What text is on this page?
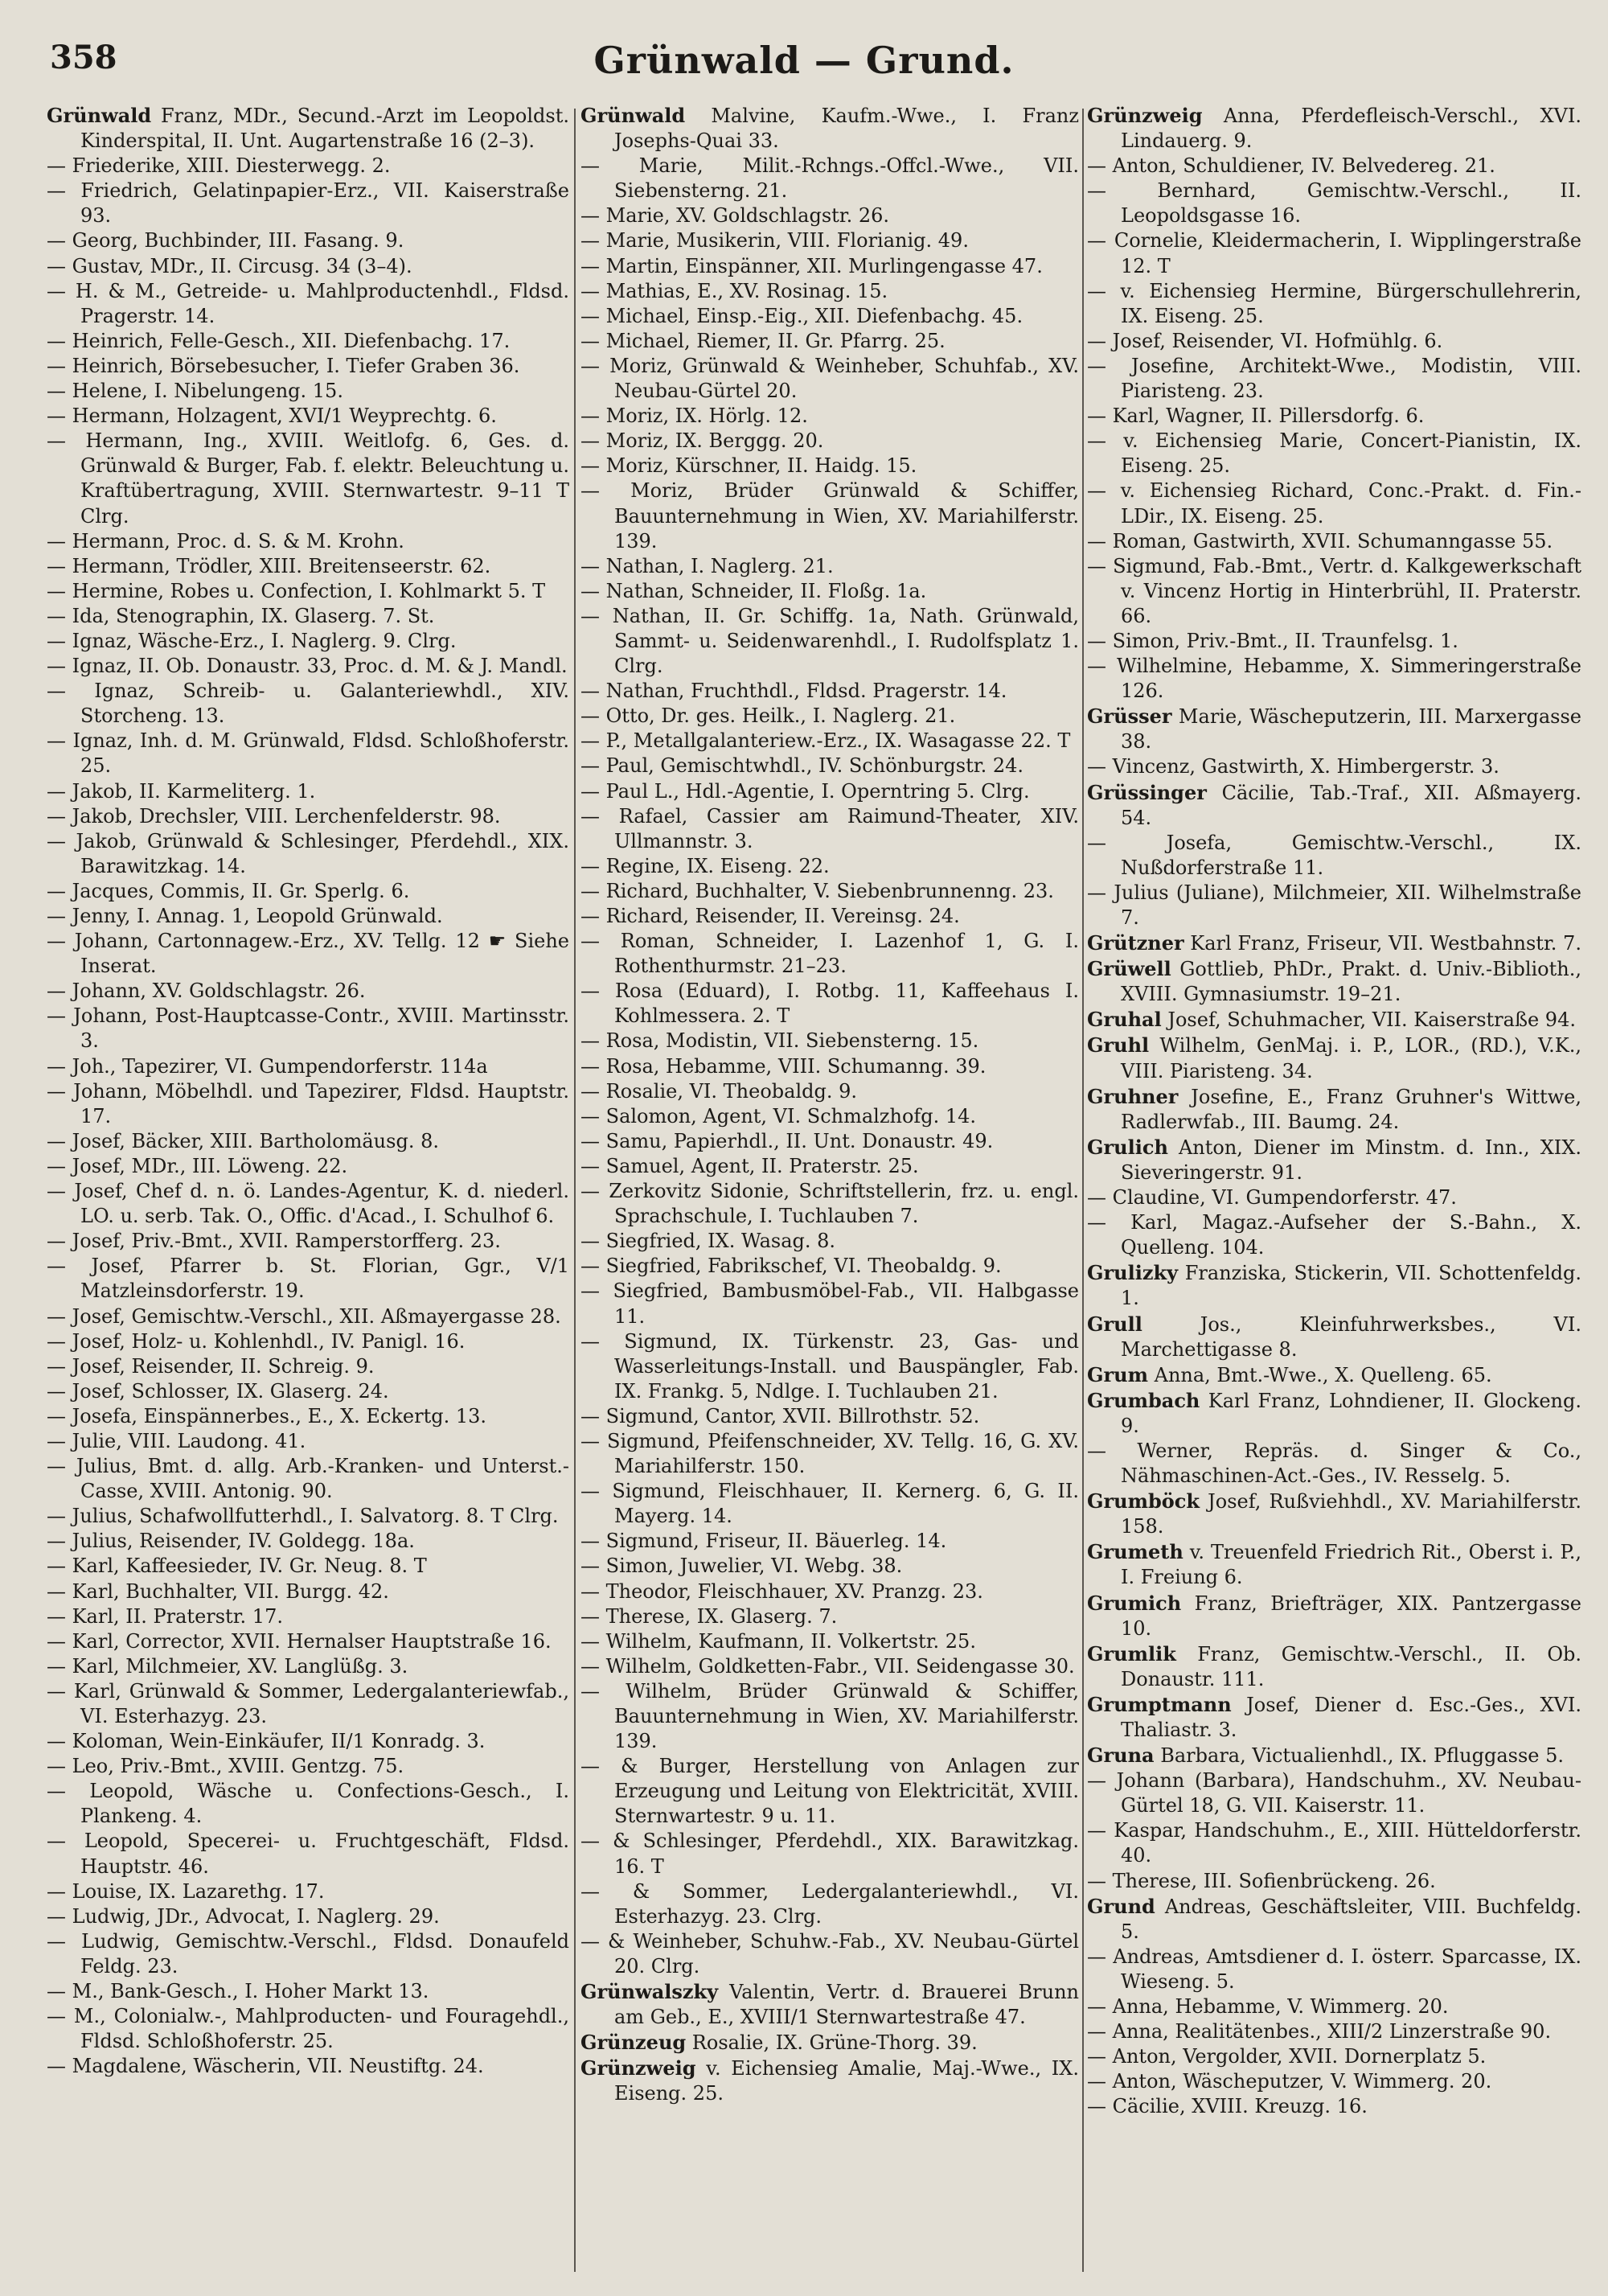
358	Grünwald — Grund.
Grünwald Franz, MDr., Secund.-Arzt im Leopoldst. Kinderspital, II. Unt. Augartenstraße 16 (2–3).
— Friederike, XIII. Diesterwegg. 2.
— Friedrich, Gelatinpapier-Erz., VII. Kaiserstraße 93.
— Georg, Buchbinder, III. Fasang. 9.
— Gustav, MDr., II. Circusg. 34 (3–4).
— H. & M., Getreide- u. Mahlproductenhdl., Fldsd. Pragerstr. 14.
— Heinrich, Felle-Gesch., XII. Diefenbachg. 17.
— Heinrich, Börsebesucher, I. Tiefer Graben 36.
— Helene, I. Nibelungeng. 15.
— Hermann, Holzagent, XVI/1 Weyprechtg. 6.
— Hermann, Ing., XVIII. Weitlofg. 6, Ges. d. Grünwald & Burger, Fab. f. elektr. Beleuchtung u. Kraftübertragung, XVIII. Sternwartestr. 9–11 T Clrg.
— Hermann, Proc. d. S. & M. Krohn.
— Hermann, Trödler, XIII. Breitenseerstr. 62.
— Hermine, Robes u. Confection, I. Kohlmarkt 5. T
— Ida, Stenographin, IX. Glaserg. 7. St.
— Ignaz, Wäsche-Erz., I. Naglerg. 9. Clrg.
— Ignaz, II. Ob. Donaustr. 33, Proc. d. M. & J. Mandl.
— Ignaz, Schreib- u. Galanteriewhdl., XIV. Storcheng. 13.
— Ignaz, Inh. d. M. Grünwald, Fldsd. Schloßhoferstr. 25.
— Jakob, II. Karmeliterg. 1.
— Jakob, Drechsler, VIII. Lerchenfelderstr. 98.
— Jakob, Grünwald & Schlesinger, Pferdehdl., XIX. Barawitzkag. 14.
— Jacques, Commis, II. Gr. Sperlg. 6.
— Jenny, I. Annag. 1, Leopold Grünwald.
— Johann, Cartonnagew.-Erz., XV. Tellg. 12 ☛ Siehe Inserat.
— Johann, XV. Goldschlagstr. 26.
— Johann, Post-Hauptcasse-Contr., XVIII. Martinsstr. 3.
— Joh., Tapezirer, VI. Gumpendorferstr. 114a
— Johann, Möbelhdl. und Tapezirer, Fldsd. Hauptstr. 17.
— Josef, Bäcker, XIII. Bartholomäusg. 8.
— Josef, MDr., III. Löweng. 22.
— Josef, Chef d. n. ö. Landes-Agentur, K. d. niederl. LO. u. serb. Tak. O., Offic. d'Acad., I. Schulhof 6.
— Josef, Priv.-Bmt., XVII. Ramperstorfferg. 23.
— Josef, Pfarrer b. St. Florian, Ggr., V/1 Matzleinsdorferstr. 19.
— Josef, Gemischtw.-Verschl., XII. Aßmayergasse 28.
— Josef, Holz- u. Kohlenhdl., IV. Panigl. 16.
— Josef, Reisender, II. Schreig. 9.
— Josef, Schlosser, IX. Glaserg. 24.
— Josefa, Einspännerbes., E., X. Eckertg. 13.
— Julie, VIII. Laudong. 41.
— Julius, Bmt. d. allg. Arb.-Kranken- und Unterst.-Casse, XVIII. Antonig. 90.
— Julius, Schafwollfutterhdl., I. Salvatorg. 8. T Clrg.
— Julius, Reisender, IV. Goldegg. 18a.
— Karl, Kaffeesieder, IV. Gr. Neug. 8. T
— Karl, Buchhalter, VII. Burgg. 42.
— Karl, II. Praterstr. 17.
— Karl, Corrector, XVII. Hernalser Hauptstraße 16.
— Karl, Milchmeier, XV. Langlüßg. 3.
— Karl, Grünwald & Sommer, Ledergalanteriewfab., VI. Esterhazyg. 23.
— Koloman, Wein-Einkäufer, II/1 Konradg. 3.
— Leo, Priv.-Bmt., XVIII. Gentzg. 75.
— Leopold, Wäsche u. Confections-Gesch., I. Plankeng. 4.
— Leopold, Specerei- u. Fruchtgeschäft, Fldsd. Hauptstr. 46.
— Louise, IX. Lazarethg. 17.
— Ludwig, JDr., Advocat, I. Naglerg. 29.
— Ludwig, Gemischtw.-Verschl., Fldsd. Donaufeld Feldg. 23.
— M., Bank-Gesch., I. Hoher Markt 13.
— M., Colonialw.-, Mahlproducten- und Fouragehdl., Fldsd. Schloßhoferstr. 25.
— Magdalene, Wäscherin, VII. Neustiftg. 24.
Grünwald Malvine, Kaufm.-Wwe., I. Franz Josephs-Quai 33.
— Marie, Milit.-Rchngs.-Offcl.-Wwe., VII. Siebensterng. 21.
— Marie, XV. Goldschlagstr. 26.
— Marie, Musikerin, VIII. Florianig. 49.
— Martin, Einspänner, XII. Murlingengasse 47.
— Mathias, E., XV. Rosinag. 15.
— Michael, Einsp.-Eig., XII. Diefenbachg. 45.
— Michael, Riemer, II. Gr. Pfarrg. 25.
— Moriz, Grünwald & Weinheber, Schuhfab., XV. Neubau-Gürtel 20.
— Moriz, IX. Hörlg. 12.
— Moriz, IX. Berggg. 20.
— Moriz, Kürschner, II. Haidg. 15.
— Moriz, Brüder Grünwald & Schiffer, Bauunternehmung in Wien, XV. Mariahilferstr. 139.
— Nathan, I. Naglerg. 21.
— Nathan, Schneider, II. Floßg. 1a.
— Nathan, II. Gr. Schiffg. 1a, Nath. Grünwald, Sammt- u. Seidenwarenhdl., I. Rudolfsplatz 1. Clrg.
— Nathan, Fruchthdl., Fldsd. Pragerstr. 14.
— Otto, Dr. ges. Heilk., I. Naglerg. 21.
— P., Metallgalanteriew.-Erz., IX. Wasagasse 22. T
— Paul, Gemischtwhdl., IV. Schönburgstr. 24.
— Paul L., Hdl.-Agentie, I. Operntring 5. Clrg.
— Rafael, Cassier am Raimund-Theater, XIV. Ullmannstr. 3.
— Regine, IX. Eiseng. 22.
— Richard, Buchhalter, V. Siebenbrunnenng. 23.
— Richard, Reisender, II. Vereinsg. 24.
— Roman, Schneider, I. Lazenhof 1, G. I. Rothenthurmstr. 21–23.
— Rosa (Eduard), I. Rotbg. 11, Kaffeehaus I. Kohlmessera. 2. T
— Rosa, Modistin, VII. Siebensterng. 15.
— Rosa, Hebamme, VIII. Schumanng. 39.
— Rosalie, VI. Theobaldg. 9.
— Salomon, Agent, VI. Schmalzhofg. 14.
— Samu, Papierhdl., II. Unt. Donaustr. 49.
— Samuel, Agent, II. Praterstr. 25.
— Zerkovitz Sidonie, Schriftstellerin, frz. u. engl. Sprachschule, I. Tuchlauben 7.
— Siegfried, IX. Wasag. 8.
— Siegfried, Fabrikschef, VI. Theobaldg. 9.
— Siegfried, Bambusmöbel-Fab., VII. Halbgasse 11.
— Sigmund, IX. Türkenstr. 23, Gas- und Wasserleitungs-Install. und Bauspängler, Fab. IX. Frankg. 5, Ndlge. I. Tuchlauben 21.
— Sigmund, Cantor, XVII. Billrothstr. 52.
— Sigmund, Pfeifenschneider, XV. Tellg. 16, G. XV. Mariahilferstr. 150.
— Sigmund, Fleischhauer, II. Kernerg. 6, G. II. Mayerg. 14.
— Sigmund, Friseur, II. Bäuerleg. 14.
— Simon, Juwelier, VI. Webg. 38.
— Theodor, Fleischhauer, XV. Pranzg. 23.
— Therese, IX. Glaserg. 7.
— Wilhelm, Kaufmann, II. Volkertstr. 25.
— Wilhelm, Goldketten-Fabr., VII. Seidengasse 30.
— Wilhelm, Brüder Grünwald & Schiffer, Bauunternehmung in Wien, XV. Mariahilferstr. 139.
— & Burger, Herstellung von Anlagen zur Erzeugung und Leitung von Elektricität, XVIII. Sternwartestr. 9 u. 11.
— & Schlesinger, Pferdehdl., XIX. Barawitzkag. 16. T
— & Sommer, Ledergalanteriewhdl., VI. Esterhazyg. 23. Clrg.
— & Weinheber, Schuhw.-Fab., XV. Neubau-Gürtel 20. Clrg.
Grünwalszky Valentin, Vertr. d. Brauerei Brunn am Geb., E., XVIII/1 Sternwartestraße 47.
Grünzeug Rosalie, IX. Grüne-Thorg. 39.
Grünzweig v. Eichensieg Amalie, Maj.-Wwe., IX. Eiseng. 25.
Grünzweig Anna, Pferdefleisch-Verschl., XVI. Lindauerg. 9.
— Anton, Schuldiener, IV. Belvedereg. 21.
— Bernhard, Gemischtw.-Verschl., II. Leopoldsgasse 16.
— Cornelie, Kleidermacherin, I. Wipplingerstraße 12. T
— v. Eichensieg Hermine, Bürgerschullehrerin, IX. Eiseng. 25.
— Josef, Reisender, VI. Hofmühlg. 6.
— Josefine, Architekt-Wwe., Modistin, VIII. Piaristeng. 23.
— Karl, Wagner, II. Pillersdorfg. 6.
— v. Eichensieg Marie, Concert-Pianistin, IX. Eiseng. 25.
— v. Eichensieg Richard, Conc.-Prakt. d. Fin.-LDir., IX. Eiseng. 25.
— Roman, Gastwirth, XVII. Schumanngasse 55.
— Sigmund, Fab.-Bmt., Vertr. d. Kalkgewerkschaft v. Vincenz Hortig in Hinterbrühl, II. Praterstr. 66.
— Simon, Priv.-Bmt., II. Traunfelsg. 1.
— Wilhelmine, Hebamme, X. Simmeringerstraße 126.
Grüsser Marie, Wäscheputzerin, III. Marxergasse 38.
— Vincenz, Gastwirth, X. Himbergerstr. 3.
Grüssinger Cäcilie, Tab.-Traf., XII. Aßmayerg. 54.
— Josefa, Gemischtw.-Verschl., IX. Nußdorferstraße 11.
— Julius (Juliane), Milchmeier, XII. Wilhelmstraße 7.
Grützner Karl Franz, Friseur, VII. Westbahnstr. 7.
Grüwell Gottlieb, PhDr., Prakt. d. Univ.-Biblioth., XVIII. Gymnasiumstr. 19–21.
Gruhal Josef, Schuhmacher, VII. Kaiserstraße 94.
Gruhl Wilhelm, GenMaj. i. P., LOR., (RD.), V.K., VIII. Piaristeng. 34.
Gruhner Josefine, E., Franz Gruhner's Wittwe, Radlerwfab., III. Baumg. 24.
Grulich Anton, Diener im Minstm. d. Inn., XIX. Sieveringerstr. 91.
— Claudine, VI. Gumpendorferstr. 47.
— Karl, Magaz.-Aufseher der S.-Bahn., X. Quelleng. 104.
Grulizky Franziska, Stickerin, VII. Schottenfeldg. 1.
Grull Jos., Kleinfuhrwerksbes., VI. Marchettigasse 8.
Grum Anna, Bmt.-Wwe., X. Quelleng. 65.
Grumbach Karl Franz, Lohndiener, II. Glockeng. 9.
— Werner, Repräs. d. Singer & Co., Nähmaschinen-Act.-Ges., IV. Resselg. 5.
Grumböck Josef, Rußviehhdl., XV. Mariahilferstr. 158.
Grumeth v. Treuenfeld Friedrich Rit., Oberst i. P., I. Freiung 6.
Grumich Franz, Briefträger, XIX. Pantzergasse 10.
Grumlik Franz, Gemischtw.-Verschl., II. Ob. Donaustr. 111.
Grumptmann Josef, Diener d. Esc.-Ges., XVI. Thaliastr. 3.
Gruna Barbara, Victualienhdl., IX. Pfluggasse 5.
— Johann (Barbara), Handschuhm., XV. Neubau-Gürtel 18, G. VII. Kaiserstr. 11.
— Kaspar, Handschuhm., E., XIII. Hütteldorferstr. 40.
— Therese, III. Sofienbrückeng. 26.
Grund Andreas, Geschäftsleiter, VIII. Buchfeldg. 5.
— Andreas, Amtsdiener d. I. österr. Sparcasse, IX. Wieseng. 5.
— Anna, Hebamme, V. Wimmerg. 20.
— Anna, Realitätenbes., XIII/2 Linzerstraße 90.
— Anton, Vergolder, XVII. Dornerplatz 5.
— Anton, Wäscheputzer, V. Wimmerg. 20.
— Cäcilie, XVIII. Kreuzg. 16.
